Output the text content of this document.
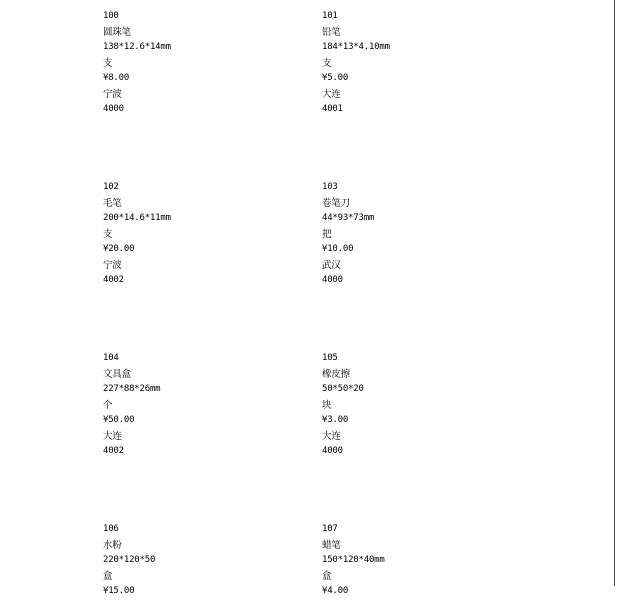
100
圆珠笔
138*12.6*14mm
支
¥8.00
宁波
4000
101
铅笔
184*13*4.10mm
支
¥5.00
大连
4001
102
毛笔
200*14.6*11mm
支
¥20.00
宁波
4002
103
卷笔刀
44*93*73mm
把
¥10.00
武汉
4000
104
文具盒
227*88*26mm
个
¥50.00
大连
4002
105
橡皮擦
50*50*20
块
¥3.00
大连
4000
106
水粉
220*120*50
盒
¥15.00
107
蜡笔
150*120*40mm
盒
¥4.00
